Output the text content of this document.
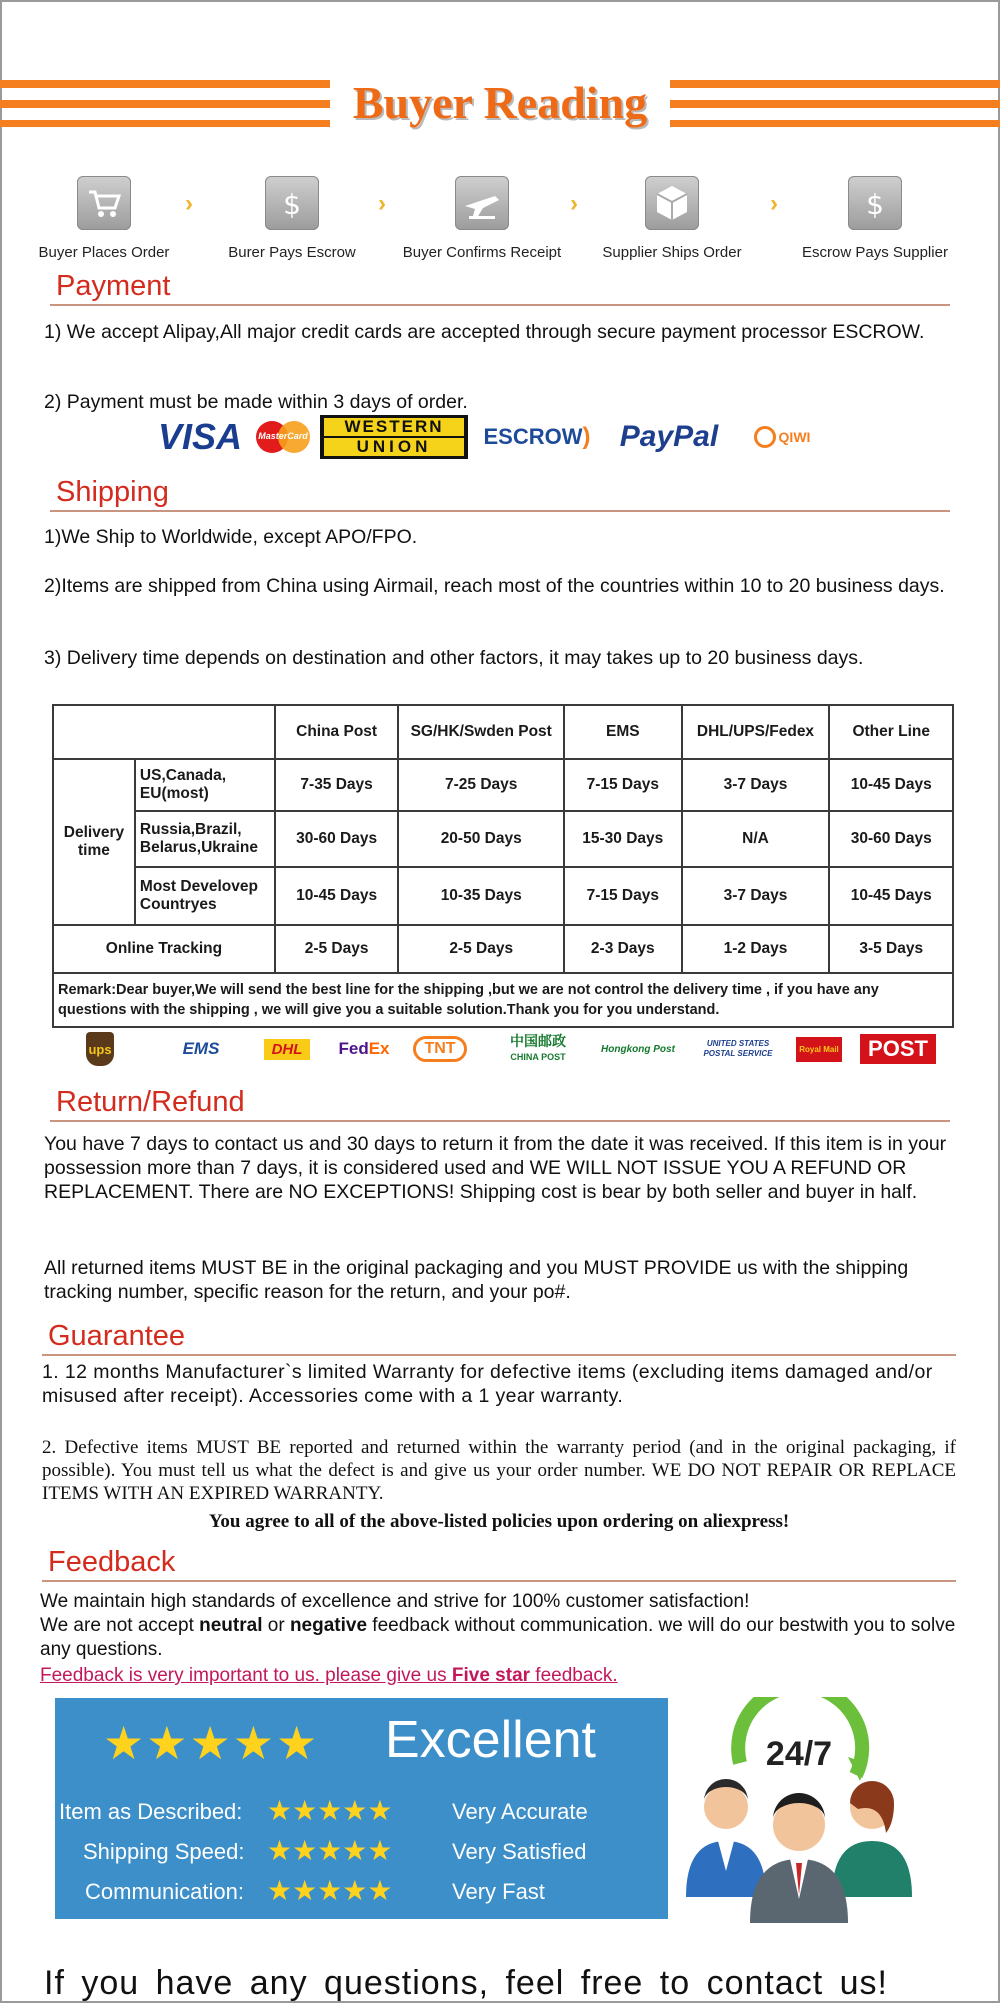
Buyer Reading
Buyer Places Order
›	$
Burer Pays Escrow
›
Buyer Confirms Receipt
›
Supplier Ships Order
›	$
Escrow Pays Supplier
Payment
1) We accept Alipay,All major credit cards are accepted through secure payment processor ESCROW.
2) Payment must be made within 3 days of order.
VISA	MasterCard	WESTERN
UNION	ESCROW ) PayPal	QIWI
Shipping
1)We Ship to Worldwide, except APO/FPO.
2)Items are shipped from China using Airmail, reach most of the countries within 10 to 20 business days.
3) Delivery time depends on destination and other factors, it may takes up to 20 business days.
		China Post	SG/HK/Swden Post	EMS	DHL/UPS/Fedex	Other Line
Delivery time	US,Canada, EU(most)	7-35 Days	7-25 Days	7-15 Days	3-7 Days	10-45 Days
	Russia,Brazil, Belarus,Ukraine	30-60 Days	20-50 Days	15-30 Days	N/A	30-60 Days
	Most Develovep Countryes	10-45 Days	10-35 Days	7-15 Days	3-7 Days	10-45 Days
Online Tracking		2-5 Days	2-5 Days	2-3 Days	1-2 Days	3-5 Days
Remark:Dear buyer,We will send the best line for the shipping ,but we are not control the delivery time , if you have any questions with the shipping , we will give you a suitable solution.Thank you for you understand.						
ups	EMS	DHL	Fed Ex	TNT	中国邮政
CHINA POST
Hongkong Post	UNITED STATES
POSTAL SERVICE	Royal Mail	POST
Return/Refund
You have 7 days to contact us and 30 days to return it from the date it was received. If this item is in your possession more than 7 days, it is considered used and WE WILL NOT ISSUE YOU A REFUND OR REPLACEMENT. There are NO EXCEPTIONS! Shipping cost is bear by both seller and buyer in half.
All returned items MUST BE in the original packaging and you MUST PROVIDE us with the shipping tracking number, specific reason for the return, and your po#.
Guarantee
1. 12 months Manufacturer`s limited Warranty for defective items (excluding items damaged and/or misused after receipt). Accessories come with a 1 year warranty.
2. Defective items MUST BE reported and returned within the warranty period (and in the original packaging, if possible). You must tell us what the defect is and give us your order number. WE DO NOT REPAIR OR REPLACE ITEMS WITH AN EXPIRED WARRANTY.
You agree to all of the above-listed policies upon ordering on aliexpress!
Feedback
We maintain high standards of excellence and strive for 100% customer satisfaction!
We are not accept neutral or negative feedback without communication. we will do our bestwith you to solve any questions.
Feedback is very important to us. please give us Five star feedback.
★★★★★ Excellent
Item as Described: ★★★★★	Very Accurate
Shipping Speed: ★★★★★	Very Satisfied
Communication: ★★★★★	Very Fast
24/7
If you have any questions, feel free to contact us!
